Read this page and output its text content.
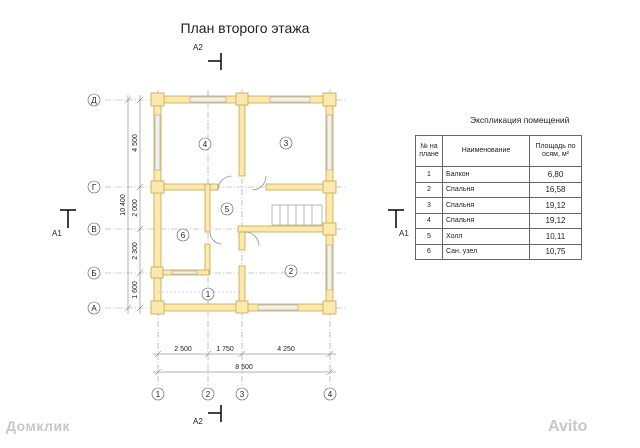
План второго этажа
4	3
5
6
2
1
Д
Г
В
Б
А
1	2	3	4
4 500
2 000
2 300
1 600
10 400
2 500	1 750	4 250
8 500
А2
А2
А1	А1
Экспликация помещений
№ на плане	Наименование	Площадь по осям, м²
1	Балкон	6,80
2	Спальня	16,58
3	Спальня	19,12
4	Спальня	19,12
5	Холл	10,11
6	Сан. узел	10,75
Домклик	Avito
